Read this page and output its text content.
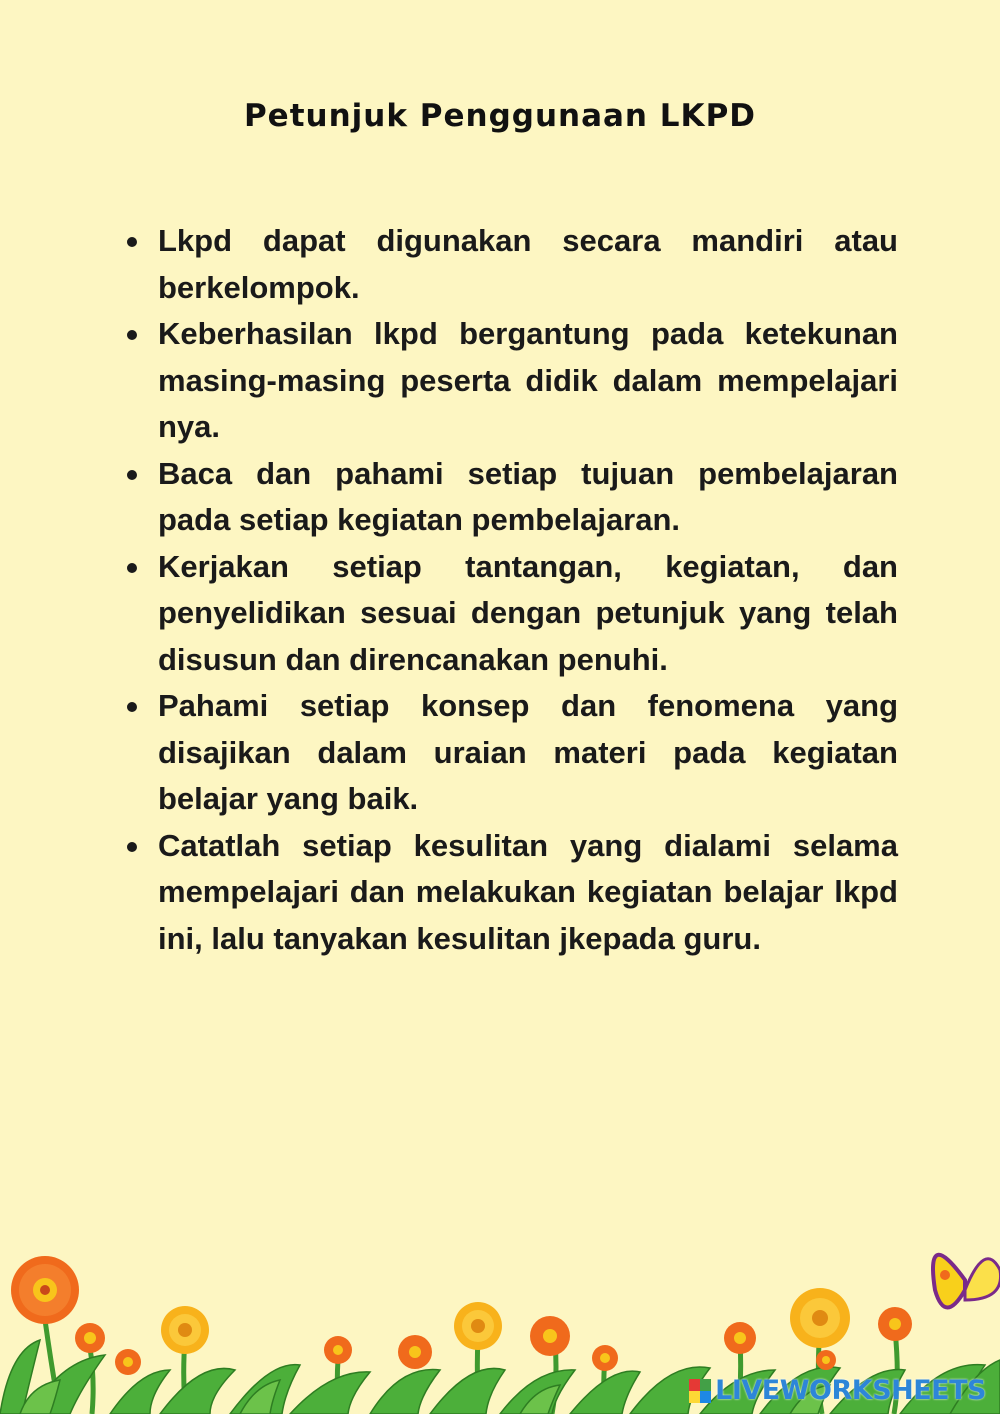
Petunjuk Penggunaan LKPD
Lkpd dapat digunakan secara mandiri atau berkelompok.
Keberhasilan lkpd bergantung pada ketekunan masing-masing peserta didik dalam mempelajari nya.
Baca dan pahami setiap tujuan pembelajaran pada setiap kegiatan pembelajaran.
Kerjakan setiap tantangan, kegiatan, dan penyelidikan sesuai dengan petunjuk yang telah disusun dan direncanakan penuhi.
Pahami setiap konsep dan fenomena yang disajikan dalam uraian materi pada kegiatan belajar yang baik.
Catatlah setiap kesulitan yang dialami selama mempelajari dan melakukan kegiatan belajar lkpd ini, lalu tanyakan kesulitan jkepada guru.
LIVEWORKSHEETS
